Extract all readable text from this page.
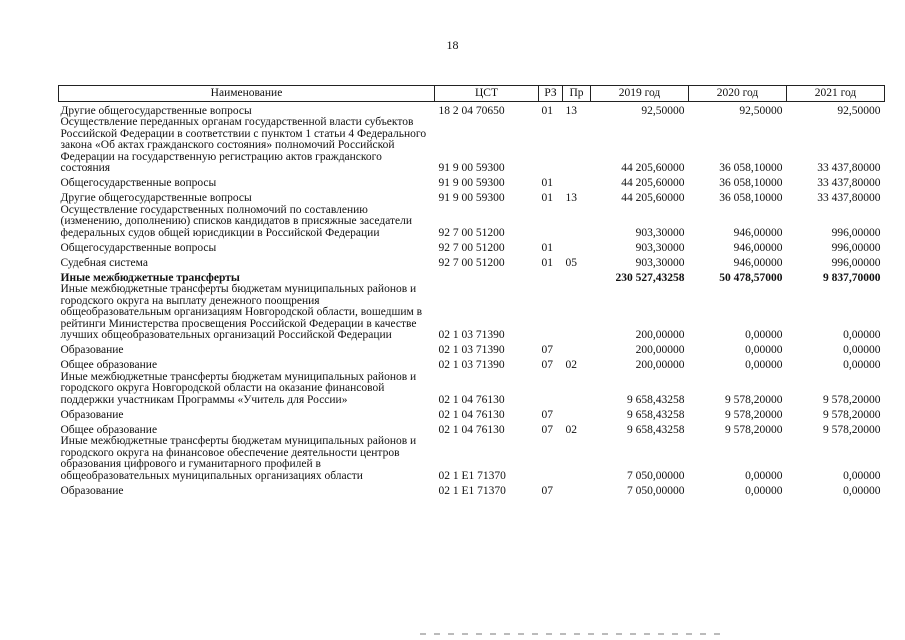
18
Наименование	ЦСТ	РЗ	Пр	2019 год	2020 год	2021 год
Другие общегосударственные вопросы	18 2 04 70650	01	13	92,50000	92,50000	92,50000
Осуществление переданных органам государственной власти субъектов Российской Федерации в соответствии с пунктом 1 статьи 4 Федерального закона «Об актах гражданского состояния» полномочий Российской Федерации на государственную регистрацию актов гражданского состояния	91 9 00 59300			44 205,60000	36 058,10000	33 437,80000
Общегосударственные вопросы	91 9 00 59300	01		44 205,60000	36 058,10000	33 437,80000
Другие общегосударственные вопросы	91 9 00 59300	01	13	44 205,60000	36 058,10000	33 437,80000
Осуществление государственных полномочий по составлению (изменению, дополнению) списков кандидатов в присяжные заседатели федеральных судов общей юрисдикции в Российской Федерации	92 7 00 51200			903,30000	946,00000	996,00000
Общегосударственные вопросы	92 7 00 51200	01		903,30000	946,00000	996,00000
Судебная система	92 7 00 51200	01	05	903,30000	946,00000	996,00000
Иные межбюджетные трансферты				230 527,43258	50 478,57000	9 837,70000
Иные межбюджетные трансферты бюджетам муниципальных районов и городского округа на выплату денежного поощрения общеобразовательным организациям Новгородской области, вошедшим в рейтинги Министерства просвещения Российской Федерации в качестве лучших общеобразовательных организаций Российской Федерации	02 1 03 71390			200,00000	0,00000	0,00000
Образование	02 1 03 71390	07		200,00000	0,00000	0,00000
Общее образование	02 1 03 71390	07	02	200,00000	0,00000	0,00000
Иные межбюджетные трансферты бюджетам муниципальных районов и городского округа Новгородской области на оказание финансовой поддержки участникам Программы «Учитель для России»	02 1 04 76130			9 658,43258	9 578,20000	9 578,20000
Образование	02 1 04 76130	07		9 658,43258	9 578,20000	9 578,20000
Общее образование	02 1 04 76130	07	02	9 658,43258	9 578,20000	9 578,20000
Иные межбюджетные трансферты бюджетам муниципальных районов и городского округа на финансовое обеспечение деятельности центров образования цифрового и гуманитарного профилей в общеобразовательных муниципальных организациях области	02 1 E1 71370			7 050,00000	0,00000	0,00000
Образование	02 1 E1 71370	07		7 050,00000	0,00000	0,00000
